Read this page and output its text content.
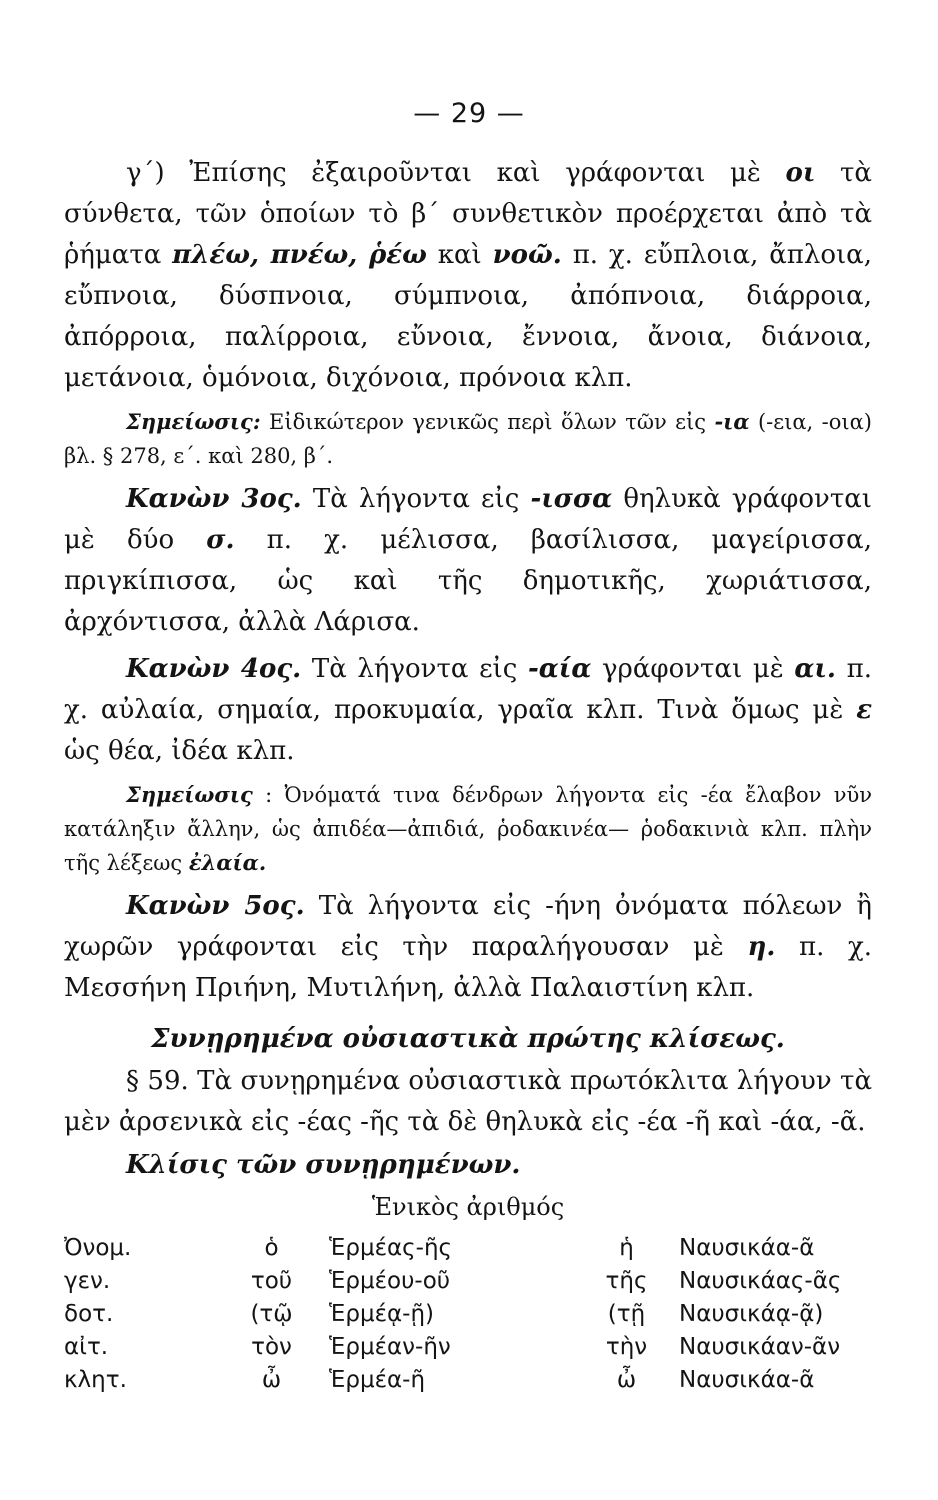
— 29 —

γ΄) Ἐπίσης ἐξαιροῦνται καὶ γράφονται μὲ οι τὰ σύνθετα, τῶν ὁποίων τὸ β΄ συνθετικὸν προέρχεται ἀπὸ τὰ ῥήματα πλέω, πνέω, ῥέω καὶ νοῶ. π. χ. εὔπλοια, ἄπλοια, εὔπνοια, δύσπνοια, σύμπνοια, ἀπόπνοια, διάρροια, ἀπόρροια, παλίρροια, εὔνοια, ἔννοια, ἄνοια, διάνοια, μετάνοια, ὁμόνοια, διχόνοια, πρόνοια κλπ.

Σημείωσις: Εἰδικώτερον γενικῶς περὶ ὅλων τῶν εἰς -ια (-εια, -οια) βλ. § 278, ε΄. καὶ 280, β΄.

Κανὼν 3ος. Τὰ λήγοντα εἰς -ισσα θηλυκὰ γράφονται μὲ δύο σ. π. χ. μέλισσα, βασίλισσα, μαγείρισσα, πριγκίπισσα, ὡς καὶ τῆς δημοτικῆς, χωριάτισσα, ἀρχόντισσα, ἀλλὰ Λάρισα.

Κανὼν 4ος. Τὰ λήγοντα εἰς -αία γράφονται μὲ αι. π. χ. αὐλαία, σημαία, προκυμαία, γραῖα κλπ. Τινὰ ὅμως μὲ ε ὡς θέα, ἰδέα κλπ.

Σημείωσις : Ὀνόματά τινα δένδρων λήγοντα εἰς -έα ἔλαβον νῦν κατάληξιν ἄλλην, ὡς ἀπιδέα—ἀπιδιά, ῥοδακινέα— ῥοδακινιὰ κλπ. πλὴν τῆς λέξεως ἐλαία.

Κανὼν 5ος. Τὰ λήγοντα εἰς -ήνη ὀνόματα πόλεων ἢ χωρῶν γράφονται εἰς τὴν παραλήγουσαν μὲ η. π. χ. Μεσσήνη Πριήνη, Μυτιλήνη, ἀλλὰ Παλαιστίνη κλπ.

Συνῃρημένα οὐσιαστικὰ πρώτης κλίσεως.

§ 59. Τὰ συνῃρημένα οὐσιαστικὰ πρωτόκλιτα λήγουν τὰ μὲν ἀρσενικὰ εἰς -έας -ῆς τὰ δὲ θηλυκὰ εἰς -έα -ῆ καὶ -άα, -ᾶ.

Κλίσις τῶν συνῃρημένων.

Ἑνικὸς ἀριθμός

Ὀνομ.	ὁ	Ἑρμέας-ῆς	ἡ	Ναυσικάα-ᾶ
γεν.	τοῦ	Ἑρμέου-οῦ	τῆς	Ναυσικάας-ᾶς
δοτ.	(τῷ	Ἑρμέᾳ-ῇ)	(τῇ	Ναυσικάᾳ-ᾷ)
αἰτ.	τὸν	Ἑρμέαν-ῆν	τὴν	Ναυσικάαν-ᾶν
κλητ.	ὦ	Ἑρμέα-ῆ	ὦ	Ναυσικάα-ᾶ
